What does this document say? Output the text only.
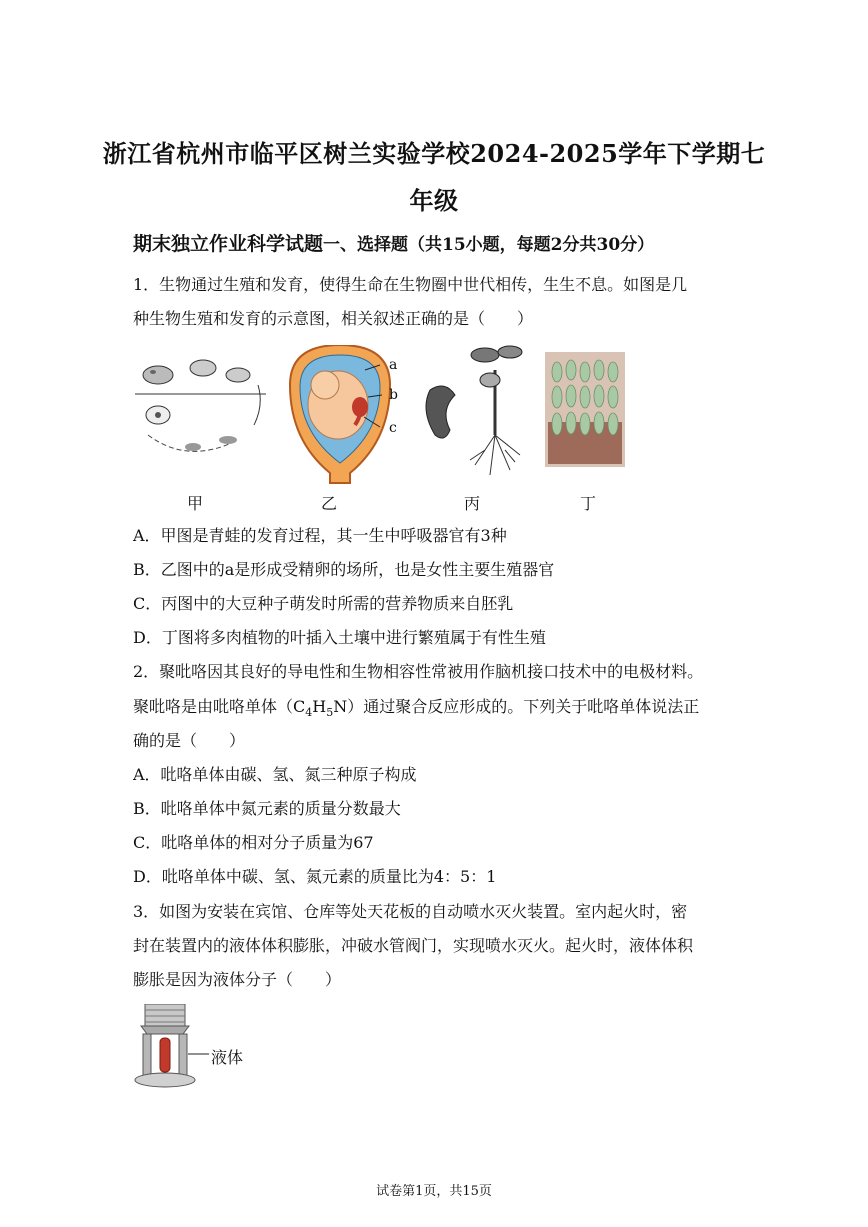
浙江省杭州市临平区树兰实验学校2024-2025学年下学期七
年级
期末独立作业科学试题一、选择题（共15小题，每题2分共30分）
1．生物通过生殖和发育，使得生命在生物圈中世代相传，生生不息。如图是几
种生物生殖和发育的示意图，相关叙述正确的是（　　）
a
b
c
甲	乙	丙	丁
A．甲图是青蛙的发育过程，其一生中呼吸器官有3种
B．乙图中的a是形成受精卵的场所，也是女性主要生殖器官
C．丙图中的大豆种子萌发时所需的营养物质来自胚乳
D．丁图将多肉植物的叶插入土壤中进行繁殖属于有性生殖
2．聚吡咯因其良好的导电性和生物相容性常被用作脑机接口技术中的电极材料。
聚吡咯是由吡咯单体$(C_4H_5N)$通过聚合反应形成的。下列关于吡咯单体说法正
确的是（　　）
A．吡咯单体由碳、氢、氮三种原子构成
B．吡咯单体中氮元素的质量分数最大
C．吡咯单体的相对分子质量为67
D．吡咯单体中碳、氢、氮元素的质量比为4：5：1
3．如图为安装在宾馆、仓库等处天花板的自动喷水灭火装置。室内起火时，密
封在装置内的液体体积膨胀，冲破水管阀门，实现喷水灭火。起火时，液体体积
膨胀是因为液体分子（　　）
液体
试卷第1页，共15页
